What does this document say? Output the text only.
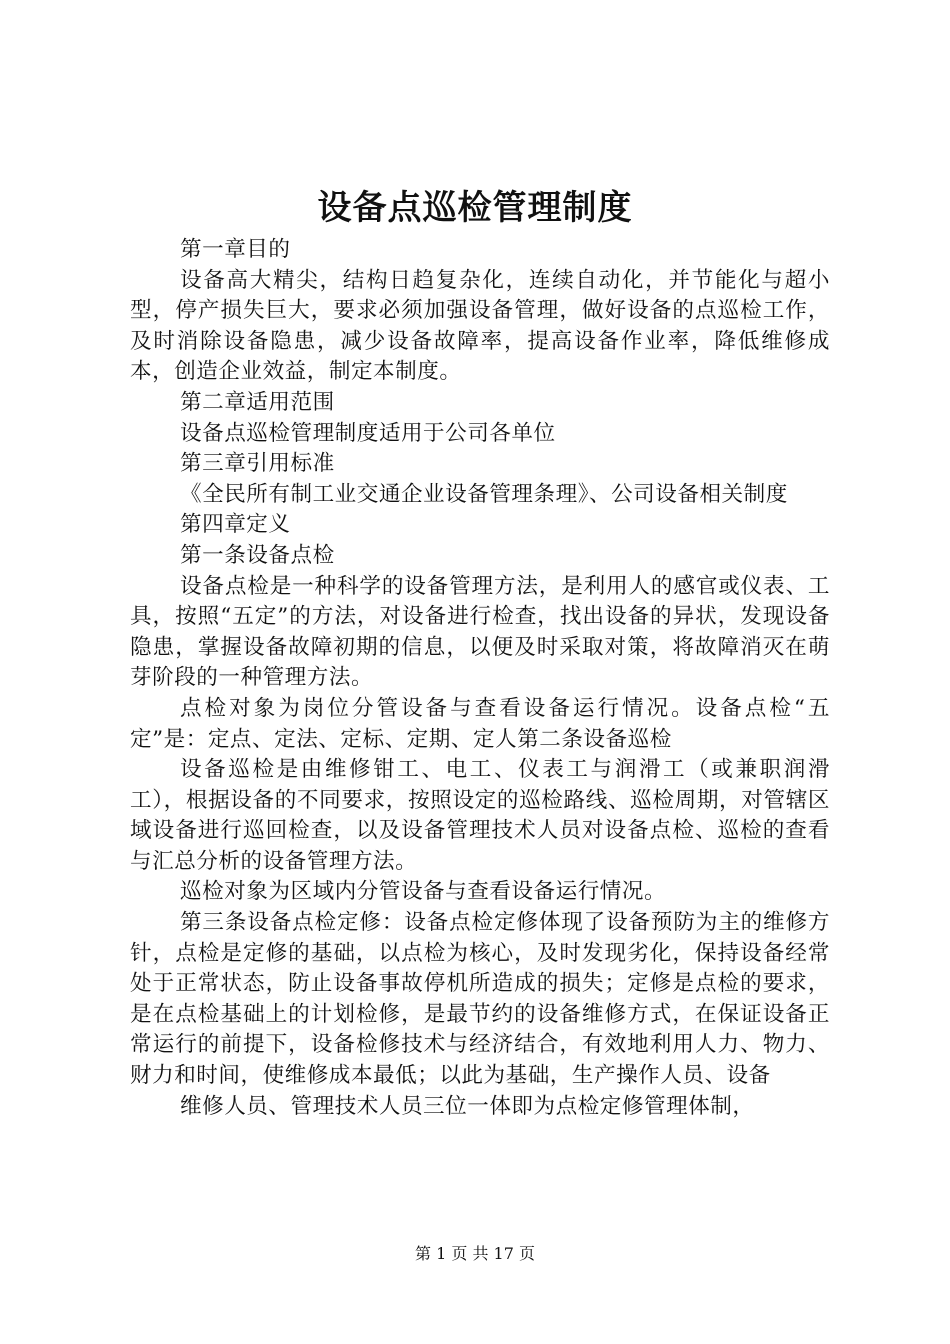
设备点巡检管理制度

第一章目的

设备高大精尖，结构日趋复杂化，连续自动化，并节能化与超小型，停产损失巨大，要求必须加强设备管理，做好设备的点巡检工作，及时消除设备隐患，减少设备故障率，提高设备作业率，降低维修成本，创造企业效益，制定本制度。

第二章适用范围

设备点巡检管理制度适用于公司各单位

第三章引用标准

《全民所有制工业交通企业设备管理条理》、公司设备相关制度

第四章定义

第一条设备点检

设备点检是一种科学的设备管理方法，是利用人的感官或仪表、工具，按照“五定”的方法，对设备进行检查，找出设备的异状，发现设备隐患，掌握设备故障初期的信息，以便及时采取对策，将故障消灭在萌芽阶段的一种管理方法。

点检对象为岗位分管设备与查看设备运行情况。设备点检“五定”是：定点、定法、定标、定期、定人第二条设备巡检

设备巡检是由维修钳工、电工、仪表工与润滑工（或兼职润滑工），根据设备的不同要求，按照设定的巡检路线、巡检周期，对管辖区域设备进行巡回检查，以及设备管理技术人员对设备点检、巡检的查看与汇总分析的设备管理方法。

巡检对象为区域内分管设备与查看设备运行情况。

第三条设备点检定修：设备点检定修体现了设备预防为主的维修方针，点检是定修的基础，以点检为核心，及时发现劣化，保持设备经常处于正常状态，防止设备事故停机所造成的损失；定修是点检的要求，是在点检基础上的计划检修，是最节约的设备维修方式，在保证设备正常运行的前提下，设备检修技术与经济结合，有效地利用人力、物力、财力和时间，使维修成本最低；以此为基础，生产操作人员、设备

维修人员、管理技术人员三位一体即为点检定修管理体制，

第 1 页 共 17 页
